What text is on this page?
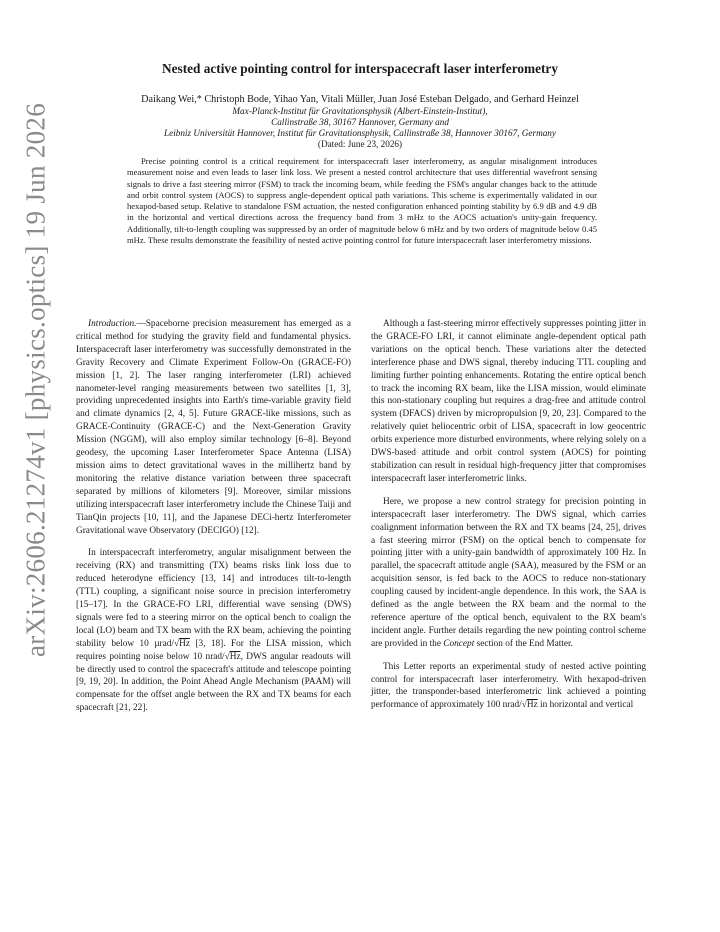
arXiv:2606.21274v1 [physics.optics] 19 Jun 2026
Nested active pointing control for interspacecraft laser interferometry

Daikang Wei,* Christoph Bode, Yihao Yan, Vitali Müller, Juan José Esteban Delgado, and Gerhard Heinzel

Max-Planck-Institut für Gravitationsphysik (Albert-Einstein-Institut),

Callinstraße 38, 30167 Hannover, Germany and

Leibniz Universität Hannover, Institut für Gravitationsphysik, Callinstraße 38, Hannover 30167, Germany

(Dated: June 23, 2026)

Precise pointing control is a critical requirement for interspacecraft laser interferometry, as angular misalignment introduces measurement noise and even leads to laser link loss. We present a nested control architecture that uses differential wavefront sensing signals to drive a fast steering mirror (FSM) to track the incoming beam, while feeding the FSM's angular changes back to the attitude and orbit control system (AOCS) to suppress angle-dependent optical path variations. This scheme is experimentally validated in our hexapod-based setup. Relative to standalone FSM actuation, the nested configuration enhanced pointing stability by 6.9 dB and 4.9 dB in the horizontal and vertical directions across the frequency band from 3 mHz to the AOCS actuation's unity-gain frequency. Additionally, tilt-to-length coupling was suppressed by an order of magnitude below 6 mHz and by two orders of magnitude below 0.45 mHz. These results demonstrate the feasibility of nested active pointing control for future interspacecraft laser interferometry missions.

Introduction.—Spaceborne precision measurement has emerged as a critical method for studying the gravity field and fundamental physics. Interspacecraft laser interferometry was successfully demonstrated in the Gravity Recovery and Climate Experiment Follow-On (GRACE-FO) mission [1, 2]. The laser ranging interferometer (LRI) achieved nanometer-level ranging measurements between two satellites [1, 3], providing unprecedented insights into Earth's time-variable gravity field and climate dynamics [2, 4, 5]. Future GRACE-like missions, such as GRACE-Continuity (GRACE-C) and the Next-Generation Gravity Mission (NGGM), will also employ similar technology [6–8]. Beyond geodesy, the upcoming Laser Interferometer Space Antenna (LISA) mission aims to detect gravitational waves in the millihertz band by monitoring the relative distance variation between three spacecraft separated by millions of kilometers [9]. Moreover, similar missions utilizing interspacecraft laser interferometry include the Chinese Taiji and TianQin projects [10, 11], and the Japanese DECi-hertz Interferometer Gravitational wave Observatory (DECIGO) [12].

In interspacecraft interferometry, angular misalignment between the receiving (RX) and transmitting (TX) beams risks link loss due to reduced heterodyne efficiency [13, 14] and introduces tilt-to-length (TTL) coupling, a significant noise source in precision interferometry [15–17]. In the GRACE-FO LRI, differential wave sensing (DWS) signals were fed to a steering mirror on the optical bench to coalign the local (LO) beam and TX beam with the RX beam, achieving the pointing stability below 10 µrad/√Hz [3, 18]. For the LISA mission, which requires pointing noise below 10 nrad/√Hz, DWS angular readouts will be directly used to control the spacecraft's attitude and telescope pointing [9, 19, 20]. In addition, the Point Ahead Angle Mechanism (PAAM) will compensate for the offset angle between the RX and TX beams for each spacecraft [21, 22].

Although a fast-steering mirror effectively suppresses pointing jitter in the GRACE-FO LRI, it cannot eliminate angle-dependent optical path variations on the optical bench. These variations alter the detected interference phase and DWS signal, thereby inducing TTL coupling and limiting further pointing enhancements. Rotating the entire optical bench to track the incoming RX beam, like the LISA mission, would eliminate this non-stationary coupling but requires a drag-free and attitude control system (DFACS) driven by micropropulsion [9, 20, 23]. Compared to the relatively quiet heliocentric orbit of LISA, spacecraft in low geocentric orbits experience more disturbed environments, where relying solely on a DWS-based attitude and orbit control system (AOCS) for pointing stabilization can result in residual high-frequency jitter that compromises interspacecraft laser interferometric links.

Here, we propose a new control strategy for precision pointing in interspacecraft laser interferometry. The DWS signal, which carries coalignment information between the RX and TX beams [24, 25], drives a fast steering mirror (FSM) on the optical bench to compensate for pointing jitter with a unity-gain bandwidth of approximately 100 Hz. In parallel, the spacecraft attitude angle (SAA), measured by the FSM or an acquisition sensor, is fed back to the AOCS to reduce non-stationary coupling caused by incident-angle dependence. In this work, the SAA is defined as the angle between the RX beam and the normal to the reference aperture of the optical bench, equivalent to the RX beam's incident angle. Further details regarding the new pointing control scheme are provided in the Concept section of the End Matter.

This Letter reports an experimental study of nested active pointing control for interspacecraft laser interferometry. With hexapod-driven jitter, the transponder-based interferometric link achieved a pointing performance of approximately 100 nrad/√Hz in horizontal and vertical
